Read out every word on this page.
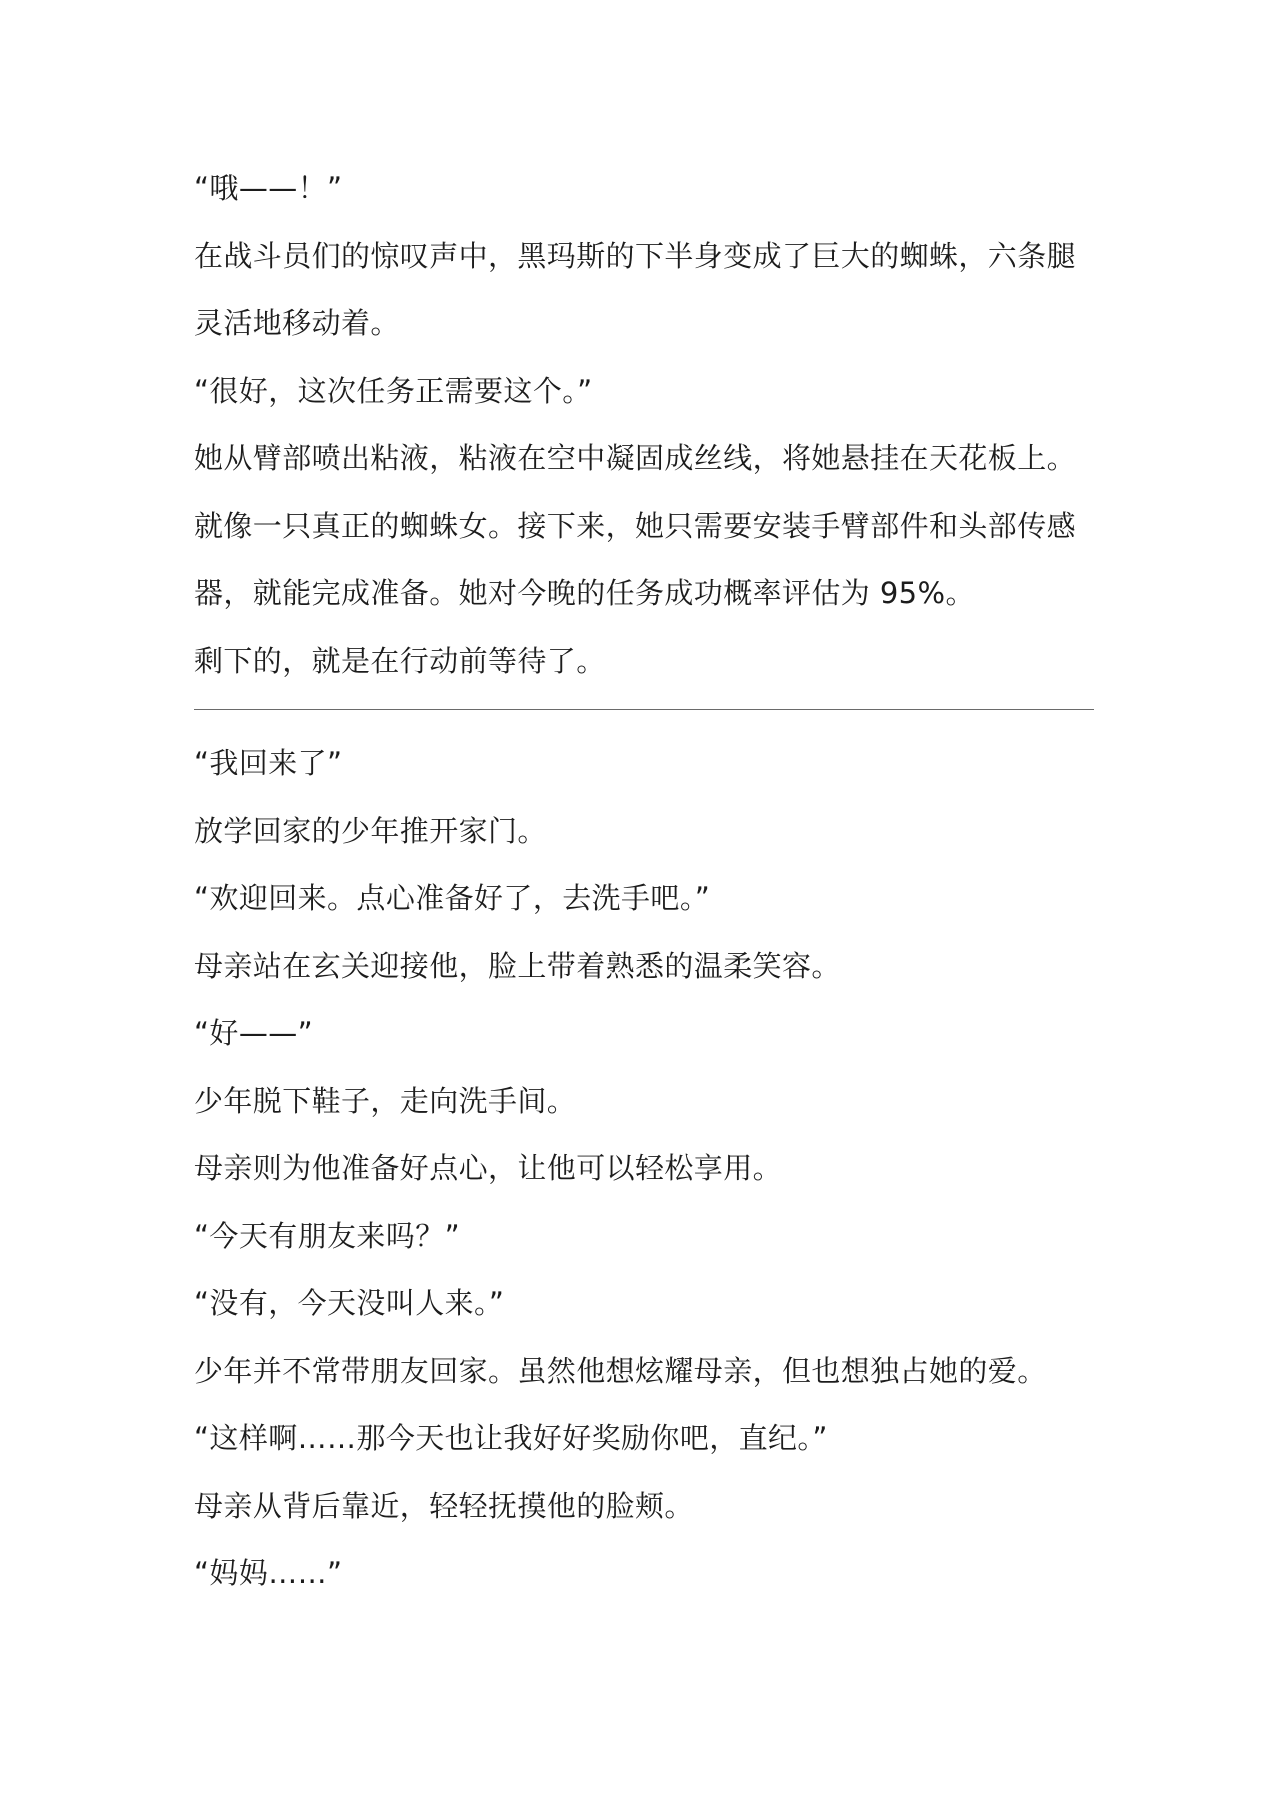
“哦——！”

在战斗员们的惊叹声中，黑玛斯的下半身变成了巨大的蜘蛛，六条腿

灵活地移动着。

“很好，这次任务正需要这个。”

她从臂部喷出粘液，粘液在空中凝固成丝线，将她悬挂在天花板上。

就像一只真正的蜘蛛女。接下来，她只需要安装手臂部件和头部传感

器，就能完成准备。她对今晚的任务成功概率评估为 95%。

剩下的，就是在行动前等待了。

“我回来了”

放学回家的少年推开家门。

“欢迎回来。点心准备好了，去洗手吧。”

母亲站在玄关迎接他，脸上带着熟悉的温柔笑容。

“好——”

少年脱下鞋子，走向洗手间。

母亲则为他准备好点心，让他可以轻松享用。

“今天有朋友来吗？”

“没有，今天没叫人来。”

少年并不常带朋友回家。虽然他想炫耀母亲，但也想独占她的爱。

“这样啊……那今天也让我好好奖励你吧，直纪。”

母亲从背后靠近，轻轻抚摸他的脸颊。

“妈妈……”
